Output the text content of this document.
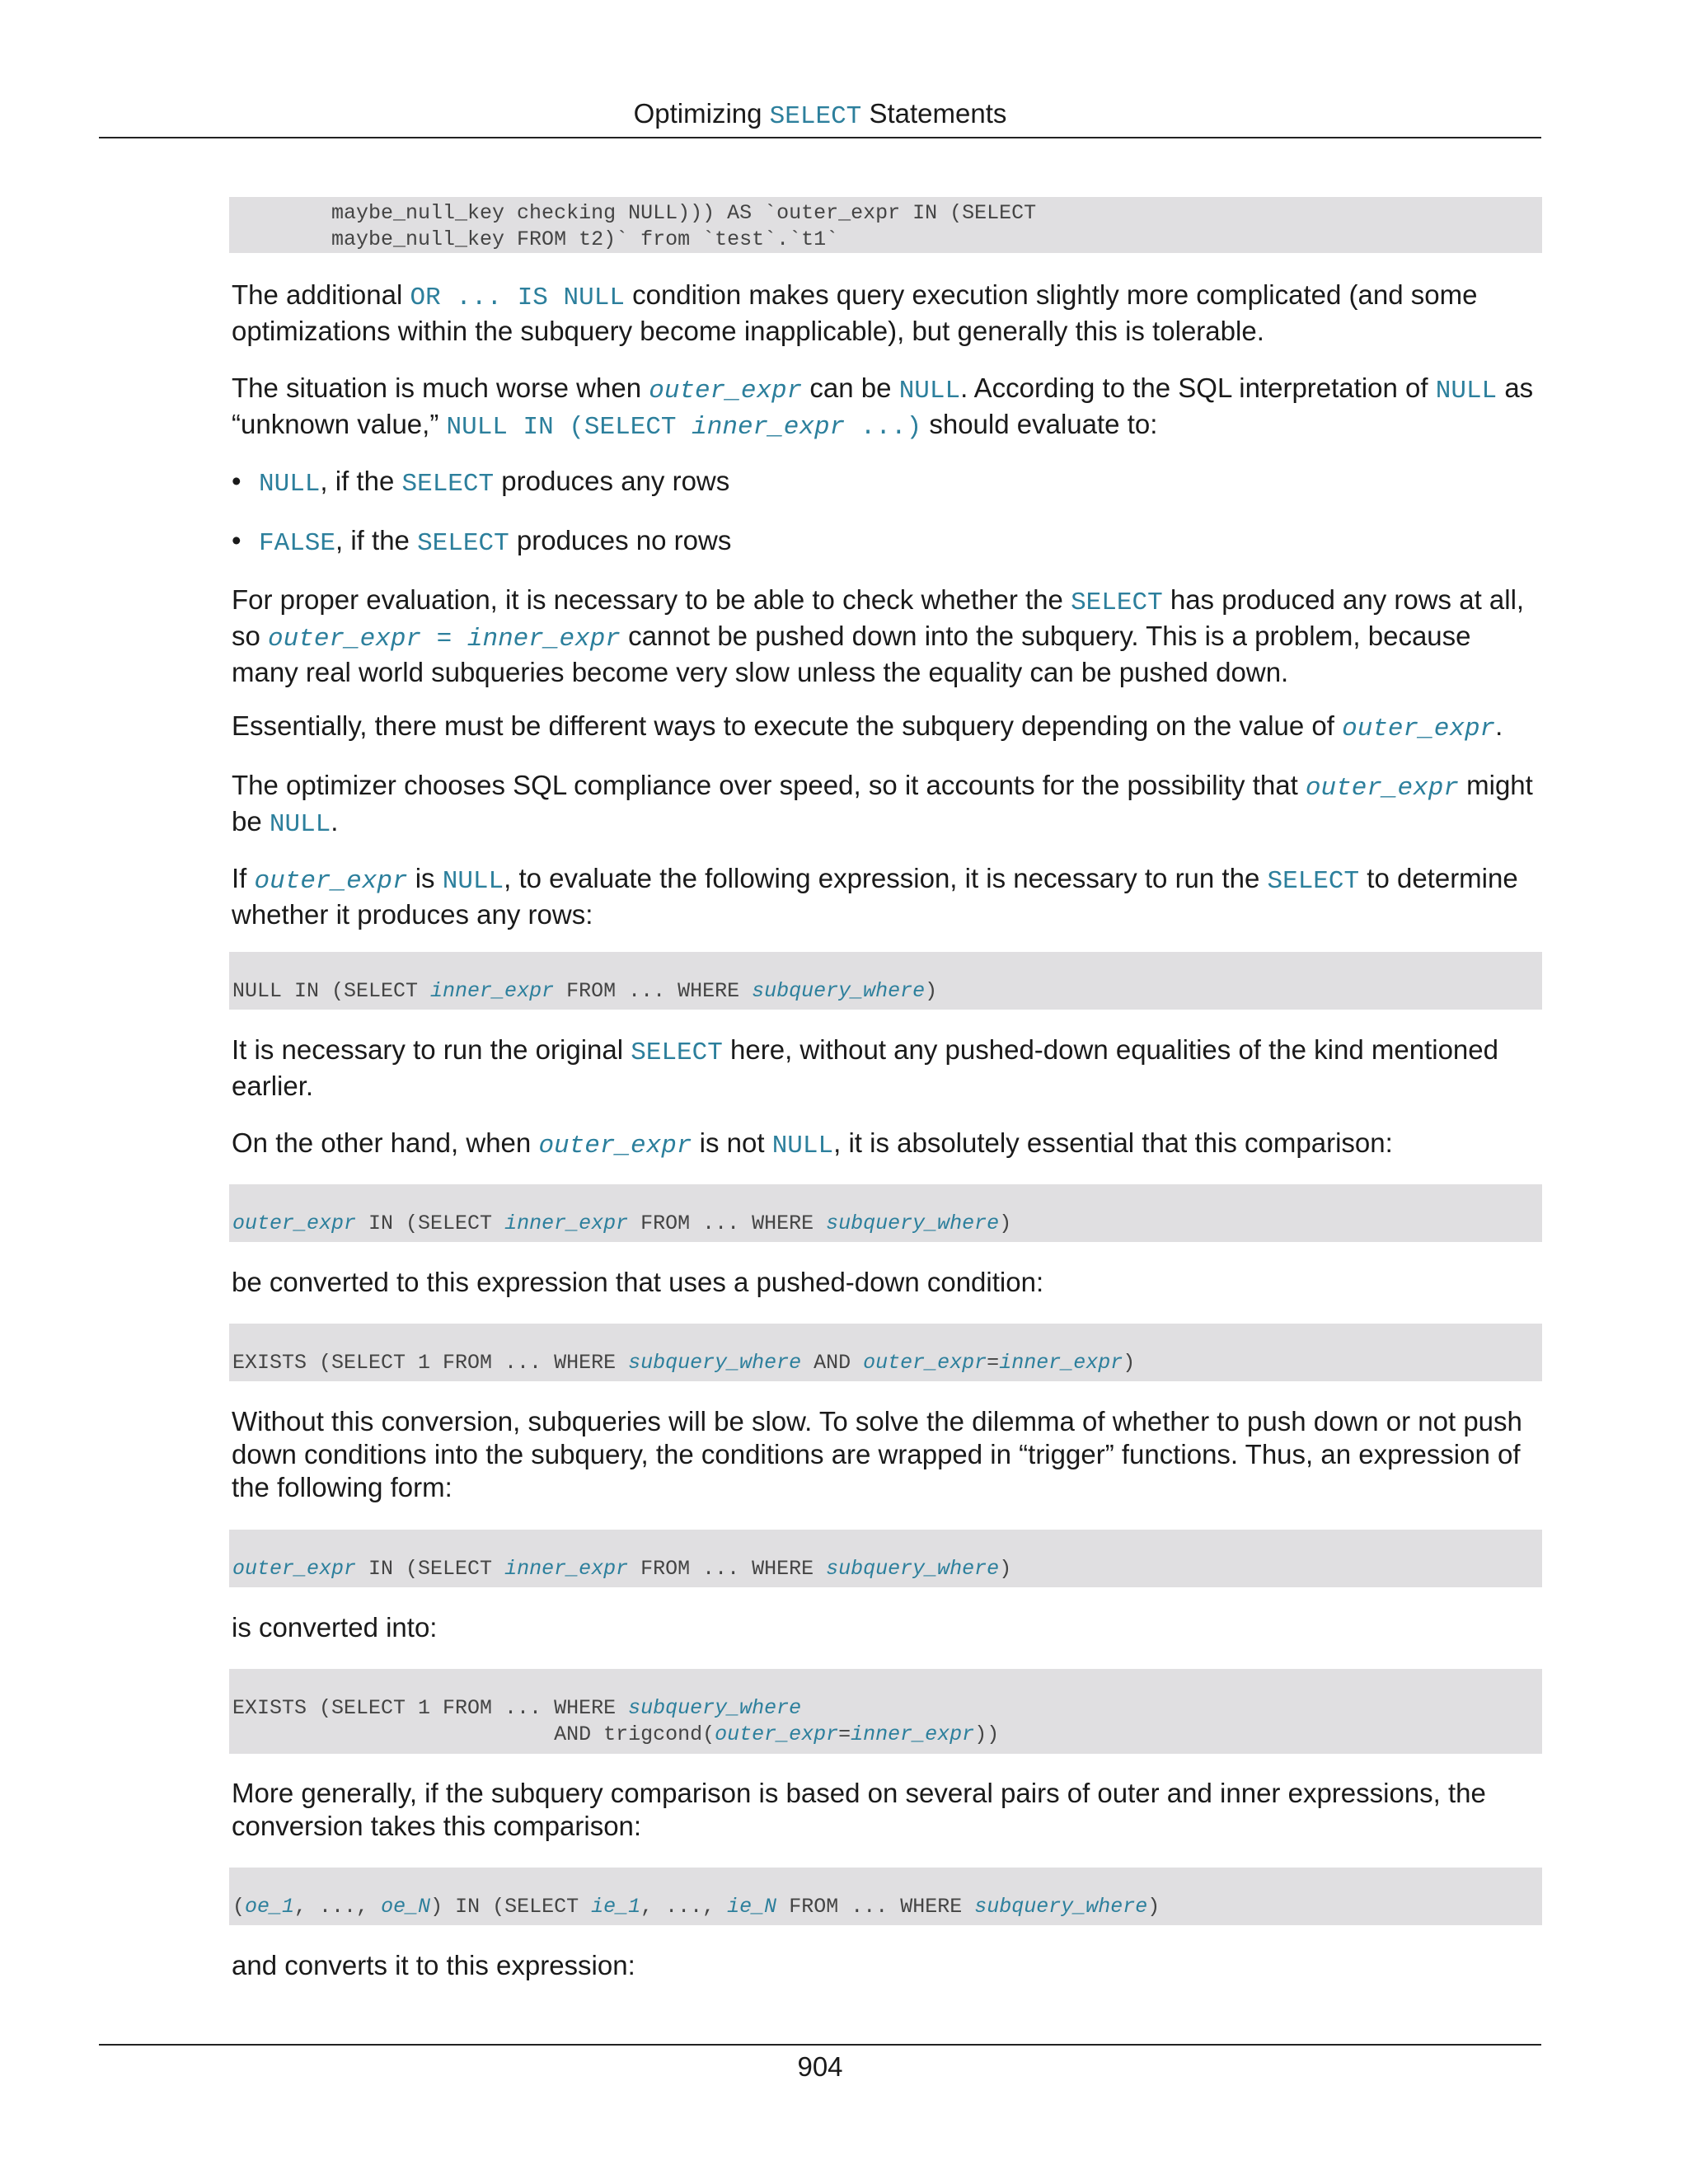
Optimizing SELECT Statements
maybe_null_key checking NULL))) AS `outer_expr IN (SELECT
maybe_null_key FROM t2)` from `test`.`t1`

The additional OR ... IS NULL condition makes query execution slightly more complicated (and some optimizations within the subquery become inapplicable), but generally this is tolerable.

The situation is much worse when outer_expr can be NULL. According to the SQL interpretation of NULL as “unknown value,” NULL IN (SELECT inner_expr ...) should evaluate to:

• NULL, if the SELECT produces any rows
• FALSE, if the SELECT produces no rows

For proper evaluation, it is necessary to be able to check whether the SELECT has produced any rows at all, so outer_expr = inner_expr cannot be pushed down into the subquery. This is a problem, because many real world subqueries become very slow unless the equality can be pushed down.

Essentially, there must be different ways to execute the subquery depending on the value of outer_expr.

The optimizer chooses SQL compliance over speed, so it accounts for the possibility that outer_expr might be NULL.

If outer_expr is NULL, to evaluate the following expression, it is necessary to run the SELECT to determine whether it produces any rows:

NULL IN (SELECT inner_expr FROM ... WHERE subquery_where)

It is necessary to run the original SELECT here, without any pushed-down equalities of the kind mentioned earlier.

On the other hand, when outer_expr is not NULL, it is absolutely essential that this comparison:

outer_expr IN (SELECT inner_expr FROM ... WHERE subquery_where)

be converted to this expression that uses a pushed-down condition:

EXISTS (SELECT 1 FROM ... WHERE subquery_where AND outer_expr=inner_expr)

Without this conversion, subqueries will be slow. To solve the dilemma of whether to push down or not push down conditions into the subquery, the conditions are wrapped in “trigger” functions. Thus, an expression of the following form:

outer_expr IN (SELECT inner_expr FROM ... WHERE subquery_where)

is converted into:

EXISTS (SELECT 1 FROM ... WHERE subquery_where
AND trigcond(outer_expr=inner_expr))

More generally, if the subquery comparison is based on several pairs of outer and inner expressions, the conversion takes this comparison:

(oe_1, ..., oe_N) IN (SELECT ie_1, ..., ie_N FROM ... WHERE subquery_where)

and converts it to this expression:

904
